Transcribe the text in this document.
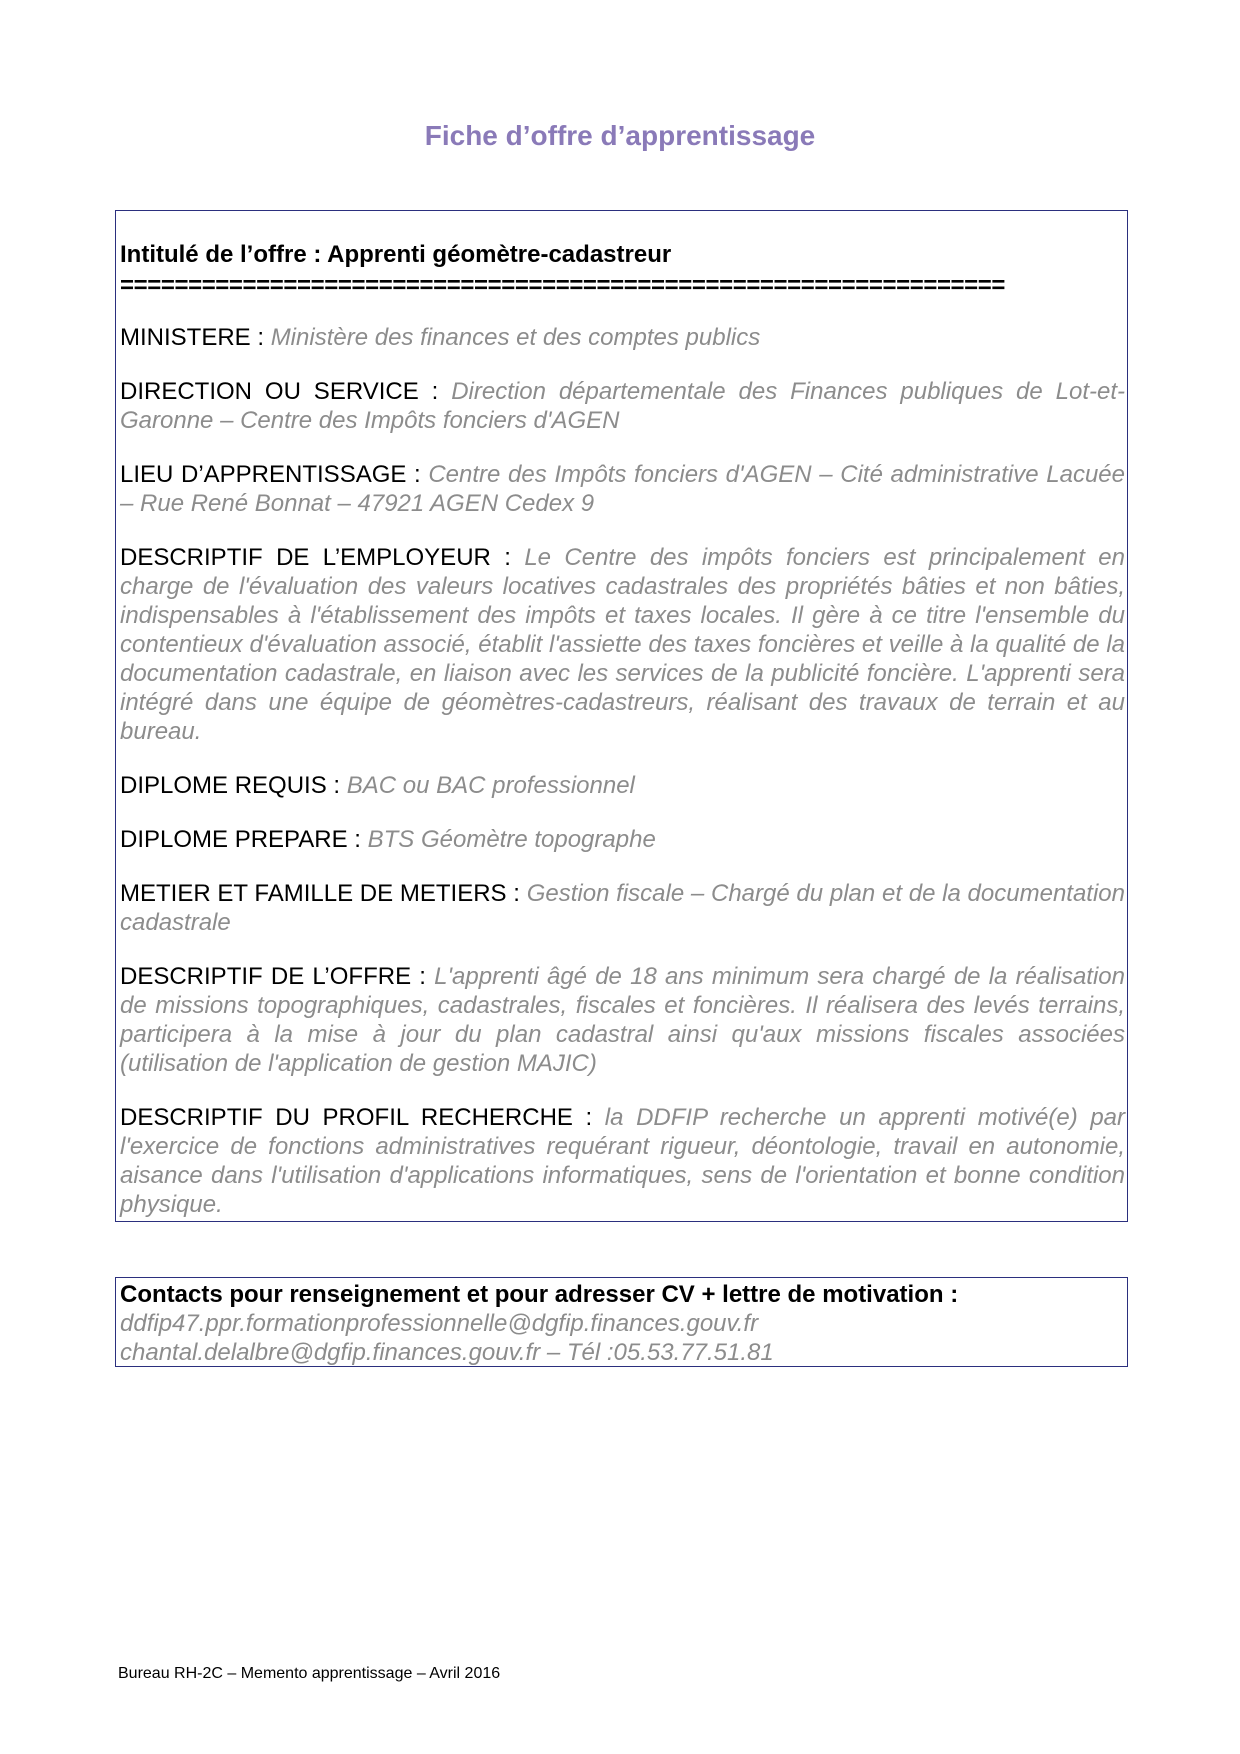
Fiche d’offre d’apprentissage

Intitulé de l’offre : Apprenti géomètre-cadastreur

=================================================================

MINISTERE : Ministère des finances et des comptes publics

DIRECTION OU SERVICE : Direction départementale des Finances publiques de Lot-et-Garonne – Centre des Impôts fonciers d'AGEN

LIEU D’APPRENTISSAGE : Centre des Impôts fonciers d'AGEN – Cité administrative Lacuée – Rue René Bonnat – 47921 AGEN Cedex 9

DESCRIPTIF DE L’EMPLOYEUR : Le Centre des impôts fonciers est principalement en charge de l'évaluation des valeurs locatives cadastrales des propriétés bâties et non bâties, indispensables à l'établissement des impôts et taxes locales. Il gère à ce titre l'ensemble du contentieux d'évaluation associé, établit l'assiette des taxes foncières et veille à la qualité de la documentation cadastrale, en liaison avec les services de la publicité foncière. L'apprenti sera intégré dans une équipe de géomètres-cadastreurs, réalisant des travaux de terrain et au bureau.

DIPLOME REQUIS : BAC ou BAC professionnel

DIPLOME PREPARE : BTS Géomètre topographe

METIER ET FAMILLE DE METIERS : Gestion fiscale – Chargé du plan et de la documentation cadastrale

DESCRIPTIF DE L’OFFRE : L'apprenti âgé de 18 ans minimum sera chargé de la réalisation de missions topographiques, cadastrales, fiscales et foncières. Il réalisera des levés terrains, participera à la mise à jour du plan cadastral ainsi qu'aux missions fiscales associées (utilisation de l'application de gestion MAJIC)

DESCRIPTIF DU PROFIL RECHERCHE : la DDFIP recherche un apprenti motivé(e) par l'exercice de fonctions administratives requérant rigueur, déontologie, travail en autonomie, aisance dans l'utilisation d'applications informatiques, sens de l'orientation et bonne condition physique.

Contacts pour renseignement et pour adresser CV + lettre de motivation :

ddfip47.ppr.formationprofessionnelle@dgfip.finances.gouv.fr

chantal.delalbre@dgfip.finances.gouv.fr – Tél :05.53.77.51.81

Bureau RH-2C – Memento apprentissage – Avril 2016
